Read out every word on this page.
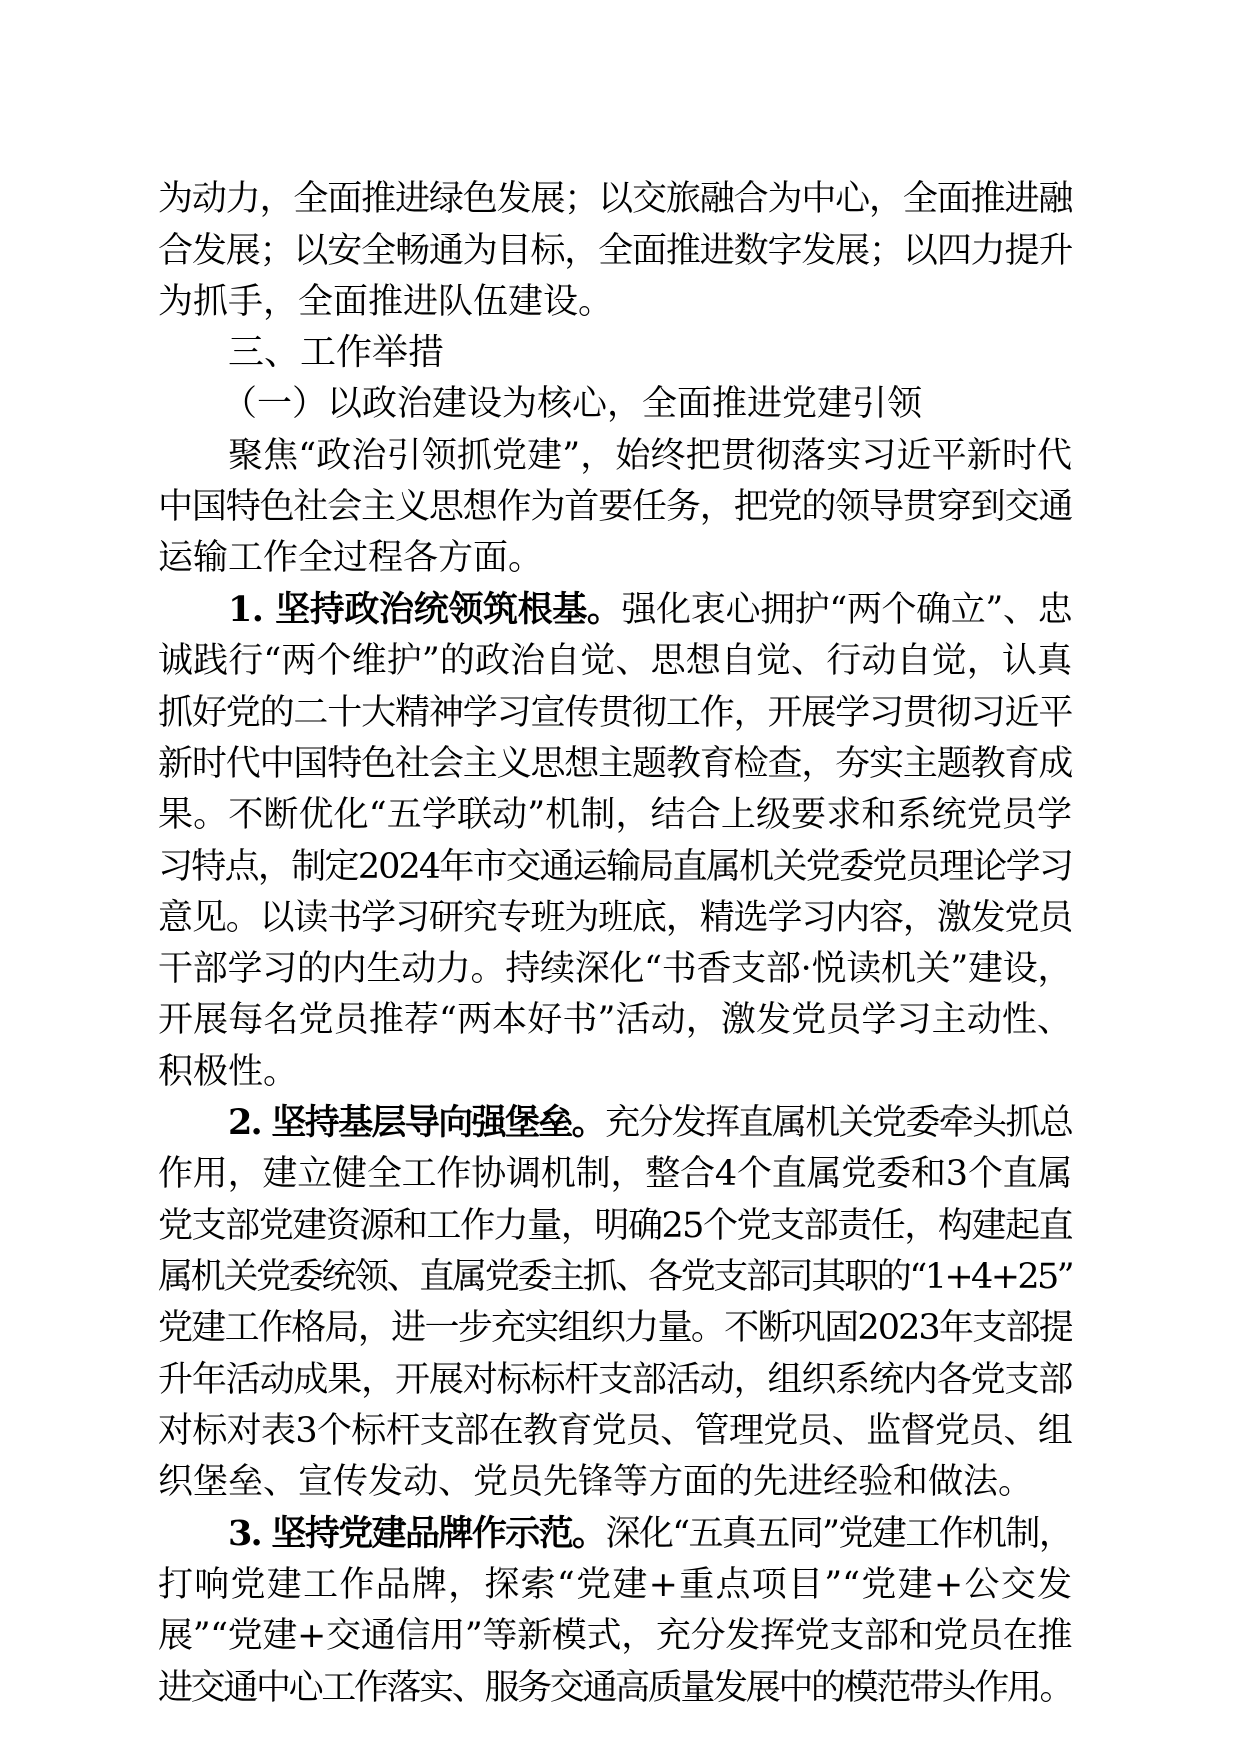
为动力，全面推进绿色发展；以交旅融合为中心，全面推进融
合发展；以安全畅通为目标，全面推进数字发展；以四力提升
为抓手，全面推进队伍建设。
三、工作举措
（一）以政治建设为核心，全面推进党建引领
聚焦“政治引领抓党建”，始终把贯彻落实习近平新时代
中国特色社会主义思想作为首要任务，把党的领导贯穿到交通
运输工作全过程各方面。
1. 坚持政治统领筑根基。强化衷心拥护“两个确立”、忠
诚践行“两个维护”的政治自觉、思想自觉、行动自觉，认真
抓好党的二十大精神学习宣传贯彻工作，开展学习贯彻习近平
新时代中国特色社会主义思想主题教育检查，夯实主题教育成
果。不断优化“五学联动”机制，结合上级要求和系统党员学
习特点，制定2024年市交通运输局直属机关党委党员理论学习
意见。以读书学习研究专班为班底，精选学习内容，激发党员
干部学习的内生动力。持续深化“书香支部·悦读机关”建设，
开展每名党员推荐“两本好书”活动，激发党员学习主动性、
积极性。
2. 坚持基层导向强堡垒。充分发挥直属机关党委牵头抓总
作用，建立健全工作协调机制，整合4个直属党委和3个直属
党支部党建资源和工作力量，明确25个党支部责任，构建起直
属机关党委统领、直属党委主抓、各党支部司其职的“1+4+25”
党建工作格局，进一步充实组织力量。不断巩固2023年支部提
升年活动成果，开展对标标杆支部活动，组织系统内各党支部
对标对表3个标杆支部在教育党员、管理党员、监督党员、组
织堡垒、宣传发动、党员先锋等方面的先进经验和做法。
3. 坚持党建品牌作示范。深化“五真五同”党建工作机制，
打响党建工作品牌，探索“党建+重点项目”“党建+公交发
展”“党建+交通信用”等新模式，充分发挥党支部和党员在推
进交通中心工作落实、服务交通高质量发展中的模范带头作用。
